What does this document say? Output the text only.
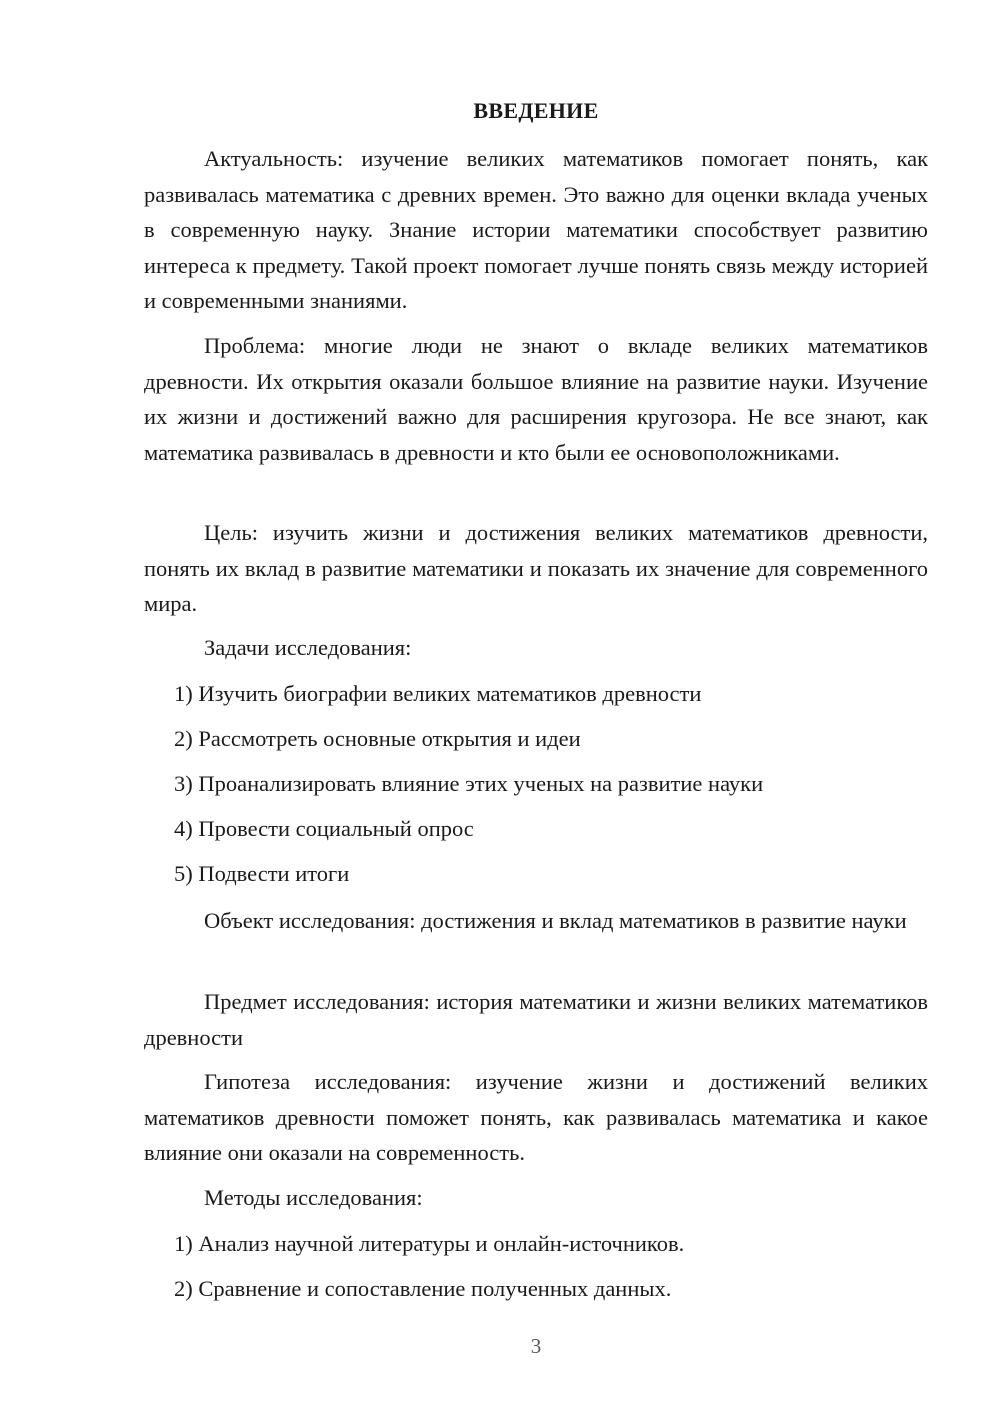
ВВЕДЕНИЕ

Актуальность: изучение великих математиков помогает понять, как развивалась математика с древних времен. Это важно для оценки вклада ученых в современную науку. Знание истории математики способствует развитию интереса к предмету. Такой проект помогает лучше понять связь между историей и современными знаниями.

Проблема: многие люди не знают о вкладе великих математиков древности. Их открытия оказали большое влияние на развитие науки. Изучение их жизни и достижений важно для расширения кругозора. Не все знают, как математика развивалась в древности и кто были ее основоположниками.

Цель: изучить жизни и достижения великих математиков древности, понять их вклад в развитие математики и показать их значение для современного мира.

Задачи исследования:

1) Изучить биографии великих математиков древности
2) Рассмотреть основные открытия и идеи
3) Проанализировать влияние этих ученых на развитие науки
4) Провести социальный опрос
5) Подвести итоги

Объект исследования: достижения и вклад математиков в развитие науки

Предмет исследования: история математики и жизни великих математиков древности

Гипотеза исследования: изучение жизни и достижений великих математиков древности поможет понять, как развивалась математика и какое влияние они оказали на современность.

Методы исследования:

1) Анализ научной литературы и онлайн-источников.
2) Сравнение и сопоставление полученных данных.
3
